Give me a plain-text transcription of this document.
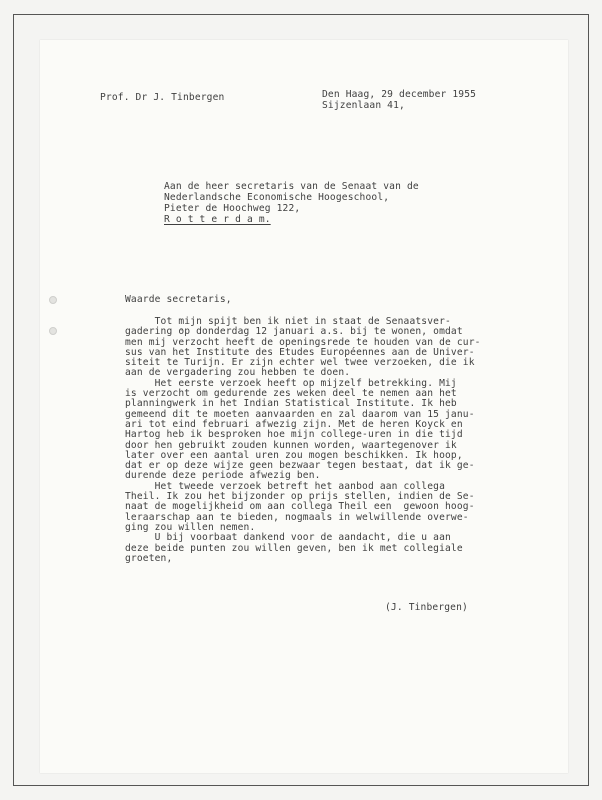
Prof. Dr J. Tinbergen	Den Haag, 29 december 1955
Sijzenlaan 41,
Aan de heer secretaris van de Senaat van de
Nederlandsche Economische Hoogeschool,
Pieter de Hoochweg 122,
R o t t e r d a m.
Waarde secretaris,
Tot mijn spijt ben ik niet in staat de Senaatsver-
gadering op donderdag 12 januari a.s. bij te wonen, omdat
men mij verzocht heeft de openingsrede te houden van de cur-
sus van het Institute des Etudes Européennes aan de Univer-
siteit te Turijn. Er zijn echter wel twee verzoeken, die ik
aan de vergadering zou hebben te doen.
Het eerste verzoek heeft op mijzelf betrekking. Mij
is verzocht om gedurende zes weken deel te nemen aan het
planningwerk in het Indian Statistical Institute. Ik heb
gemeend dit te moeten aanvaarden en zal daarom van 15 janu-
ari tot eind februari afwezig zijn. Met de heren Koyck en
Hartog heb ik besproken hoe mijn college-uren in die tijd
door hen gebruikt zouden kunnen worden, waartegenover ik
later over een aantal uren zou mogen beschikken. Ik hoop,
dat er op deze wijze geen bezwaar tegen bestaat, dat ik ge-
durende deze periode afwezig ben.
Het tweede verzoek betreft het aanbod aan collega
Theil. Ik zou het bijzonder op prijs stellen, indien de Se-
naat de mogelijkheid om aan collega Theil een  gewoon hoog-
leraarschap aan te bieden, nogmaals in welwillende overwe-
ging zou willen nemen.
U bij voorbaat dankend voor de aandacht, die u aan
deze beide punten zou willen geven, ben ik met collegiale
groeten,
(J. Tinbergen)
